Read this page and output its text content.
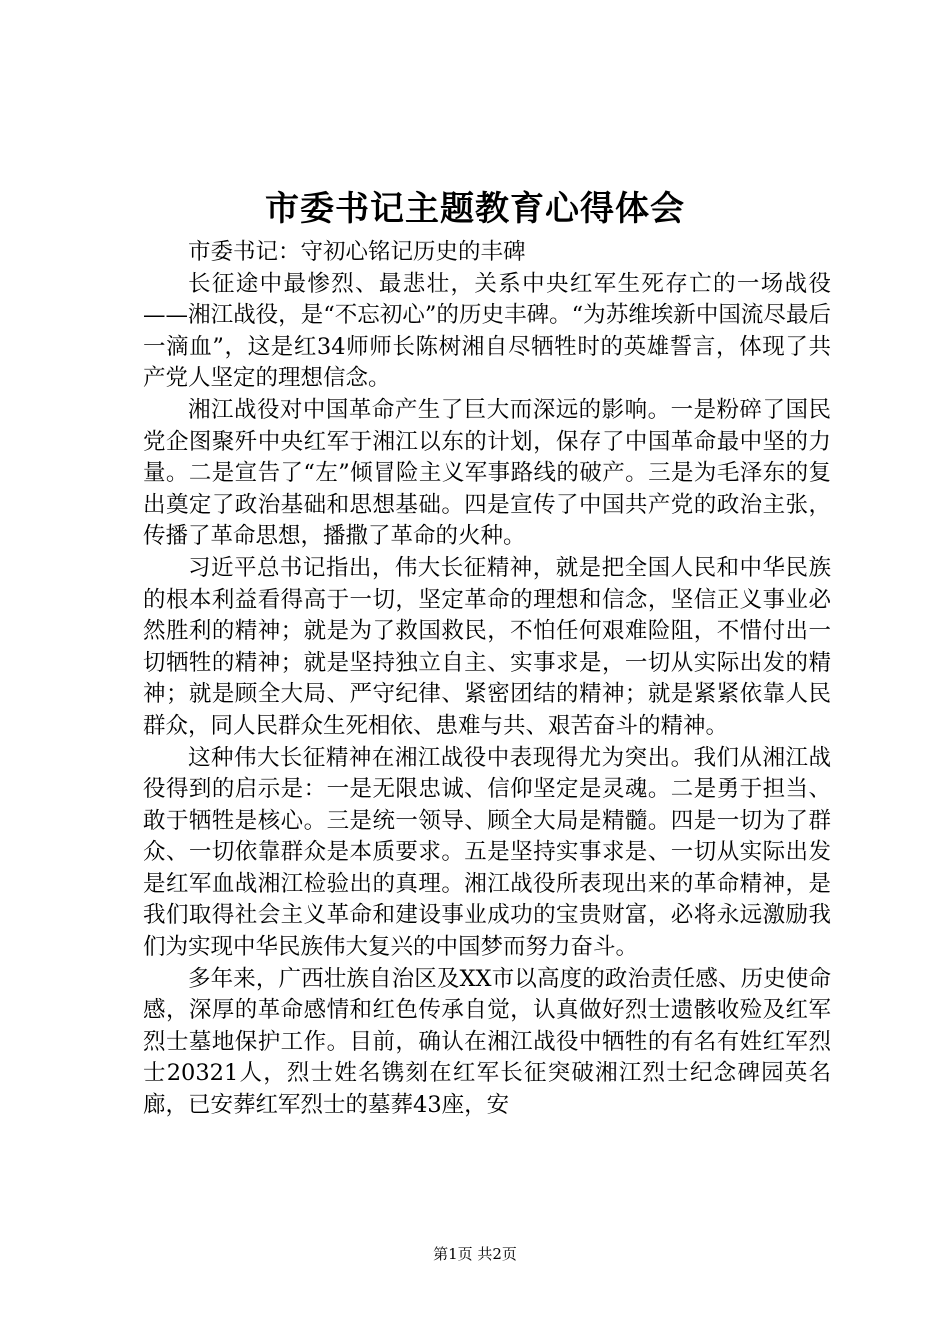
市委书记主题教育心得体会

市委书记：守初心铭记历史的丰碑

长征途中最惨烈、最悲壮，关系中央红军生死存亡的一场战役——湘江战役，是“不忘初心”的历史丰碑。“为苏维埃新中国流尽最后一滴血”，这是红34师师长陈树湘自尽牺牲时的英雄誓言，体现了共产党人坚定的理想信念。

湘江战役对中国革命产生了巨大而深远的影响。一是粉碎了国民党企图聚歼中央红军于湘江以东的计划，保存了中国革命最中坚的力量。二是宣告了“左”倾冒险主义军事路线的破产。三是为毛泽东的复出奠定了政治基础和思想基础。四是宣传了中国共产党的政治主张，传播了革命思想，播撒了革命的火种。

习近平总书记指出，伟大长征精神，就是把全国人民和中华民族的根本利益看得高于一切，坚定革命的理想和信念，坚信正义事业必然胜利的精神；就是为了救国救民，不怕任何艰难险阻，不惜付出一切牺牲的精神；就是坚持独立自主、实事求是，一切从实际出发的精神；就是顾全大局、严守纪律、紧密团结的精神；就是紧紧依靠人民群众，同人民群众生死相依、患难与共、艰苦奋斗的精神。

这种伟大长征精神在湘江战役中表现得尤为突出。我们从湘江战役得到的启示是：一是无限忠诚、信仰坚定是灵魂。二是勇于担当、敢于牺牲是核心。三是统一领导、顾全大局是精髓。四是一切为了群众、一切依靠群众是本质要求。五是坚持实事求是、一切从实际出发是红军血战湘江检验出的真理。湘江战役所表现出来的革命精神，是我们取得社会主义革命和建设事业成功的宝贵财富，必将永远激励我们为实现中华民族伟大复兴的中国梦而努力奋斗。

多年来，广西壮族自治区及XX市以高度的政治责任感、历史使命感，深厚的革命感情和红色传承自觉，认真做好烈士遗骸收殓及红军烈士墓地保护工作。目前，确认在湘江战役中牺牲的有名有姓红军烈士20321人，烈士姓名镌刻在红军长征突破湘江烈士纪念碑园英名廊，已安葬红军烈士的墓葬43座，安

第1页 共2页
